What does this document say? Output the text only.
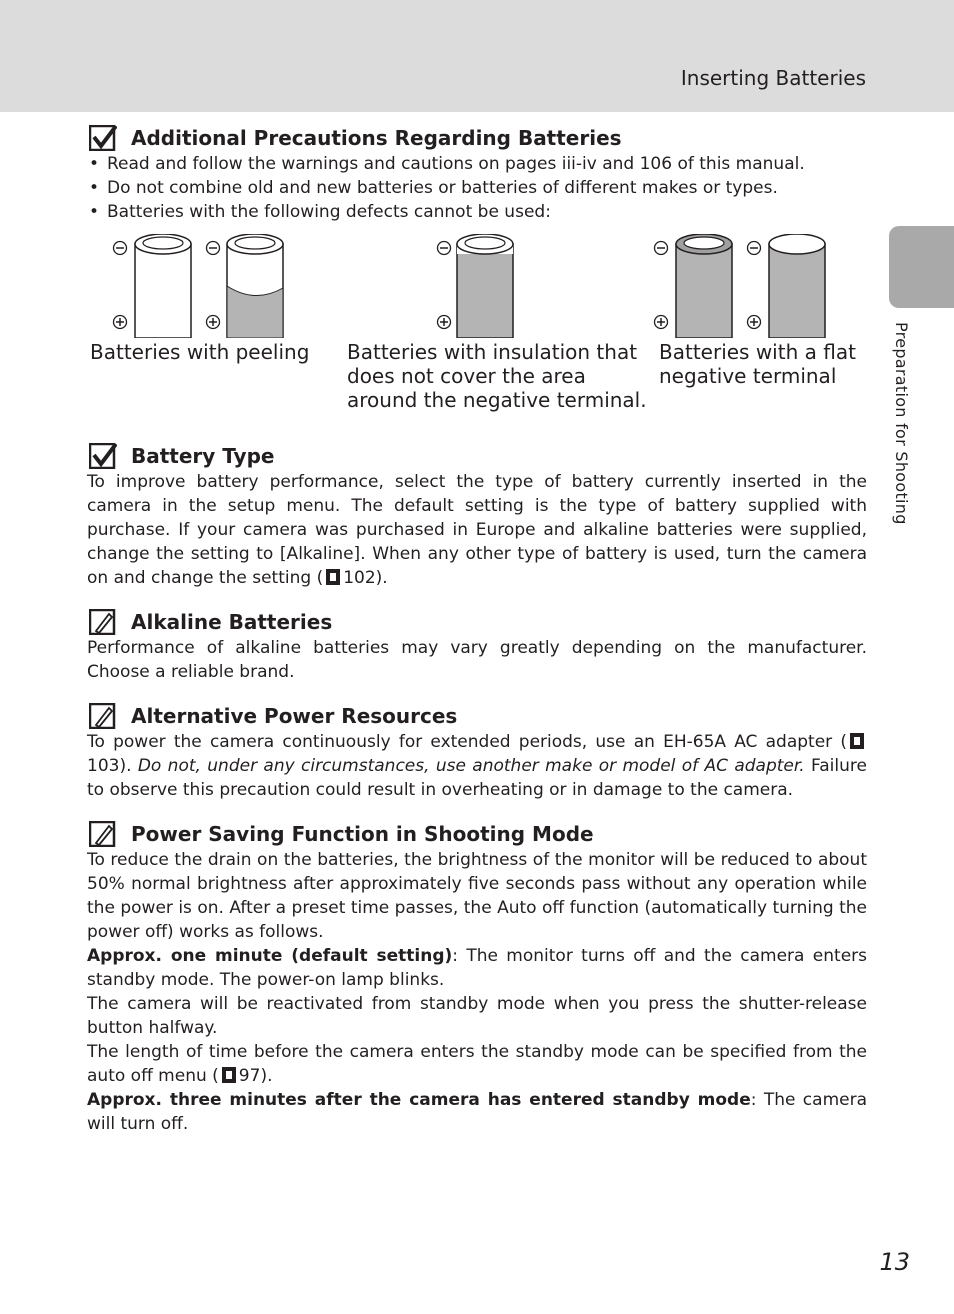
Inserting Batteries
Preparation for Shooting
Additional Precautions Regarding Batteries
• Read and follow the warnings and cautions on pages iii-iv and 106 of this manual.
• Do not combine old and new batteries or batteries of different makes or types.
• Batteries with the following defects cannot be used:
Batteries with peeling	Batteries with insulation that does not cover the area around the negative terminal.
Batteries with a flat negative terminal
Battery Type

To improve battery performance, select the type of battery currently inserted in the camera in the setup menu. The default setting is the type of battery supplied with purchase. If your camera was purchased in Europe and alkaline batteries were supplied, change the setting to [Alkaline]. When any other type of battery is used, turn the camera on and change the setting ( 102).

Alkaline Batteries

Performance of alkaline batteries may vary greatly depending on the manufacturer. Choose a reliable brand.

Alternative Power Resources

To power the camera continuously for extended periods, use an EH-65A AC adapter (103). Do not, under any circumstances, use another make or model of AC adapter. Failure to observe this precaution could result in overheating or in damage to the camera.

Power Saving Function in Shooting Mode

To reduce the drain on the batteries, the brightness of the monitor will be reduced to about 50% normal brightness after approximately five seconds pass without any operation while the power is on. After a preset time passes, the Auto off function (automatically turning the power off) works as follows.

Approx. one minute (default setting): The monitor turns off and the camera enters standby mode. The power-on lamp blinks.

The camera will be reactivated from standby mode when you press the shutter-release button halfway.

The length of time before the camera enters the standby mode can be specified from the auto off menu ( 97).

Approx. three minutes after the camera has entered standby mode: The camera will turn off.

13
